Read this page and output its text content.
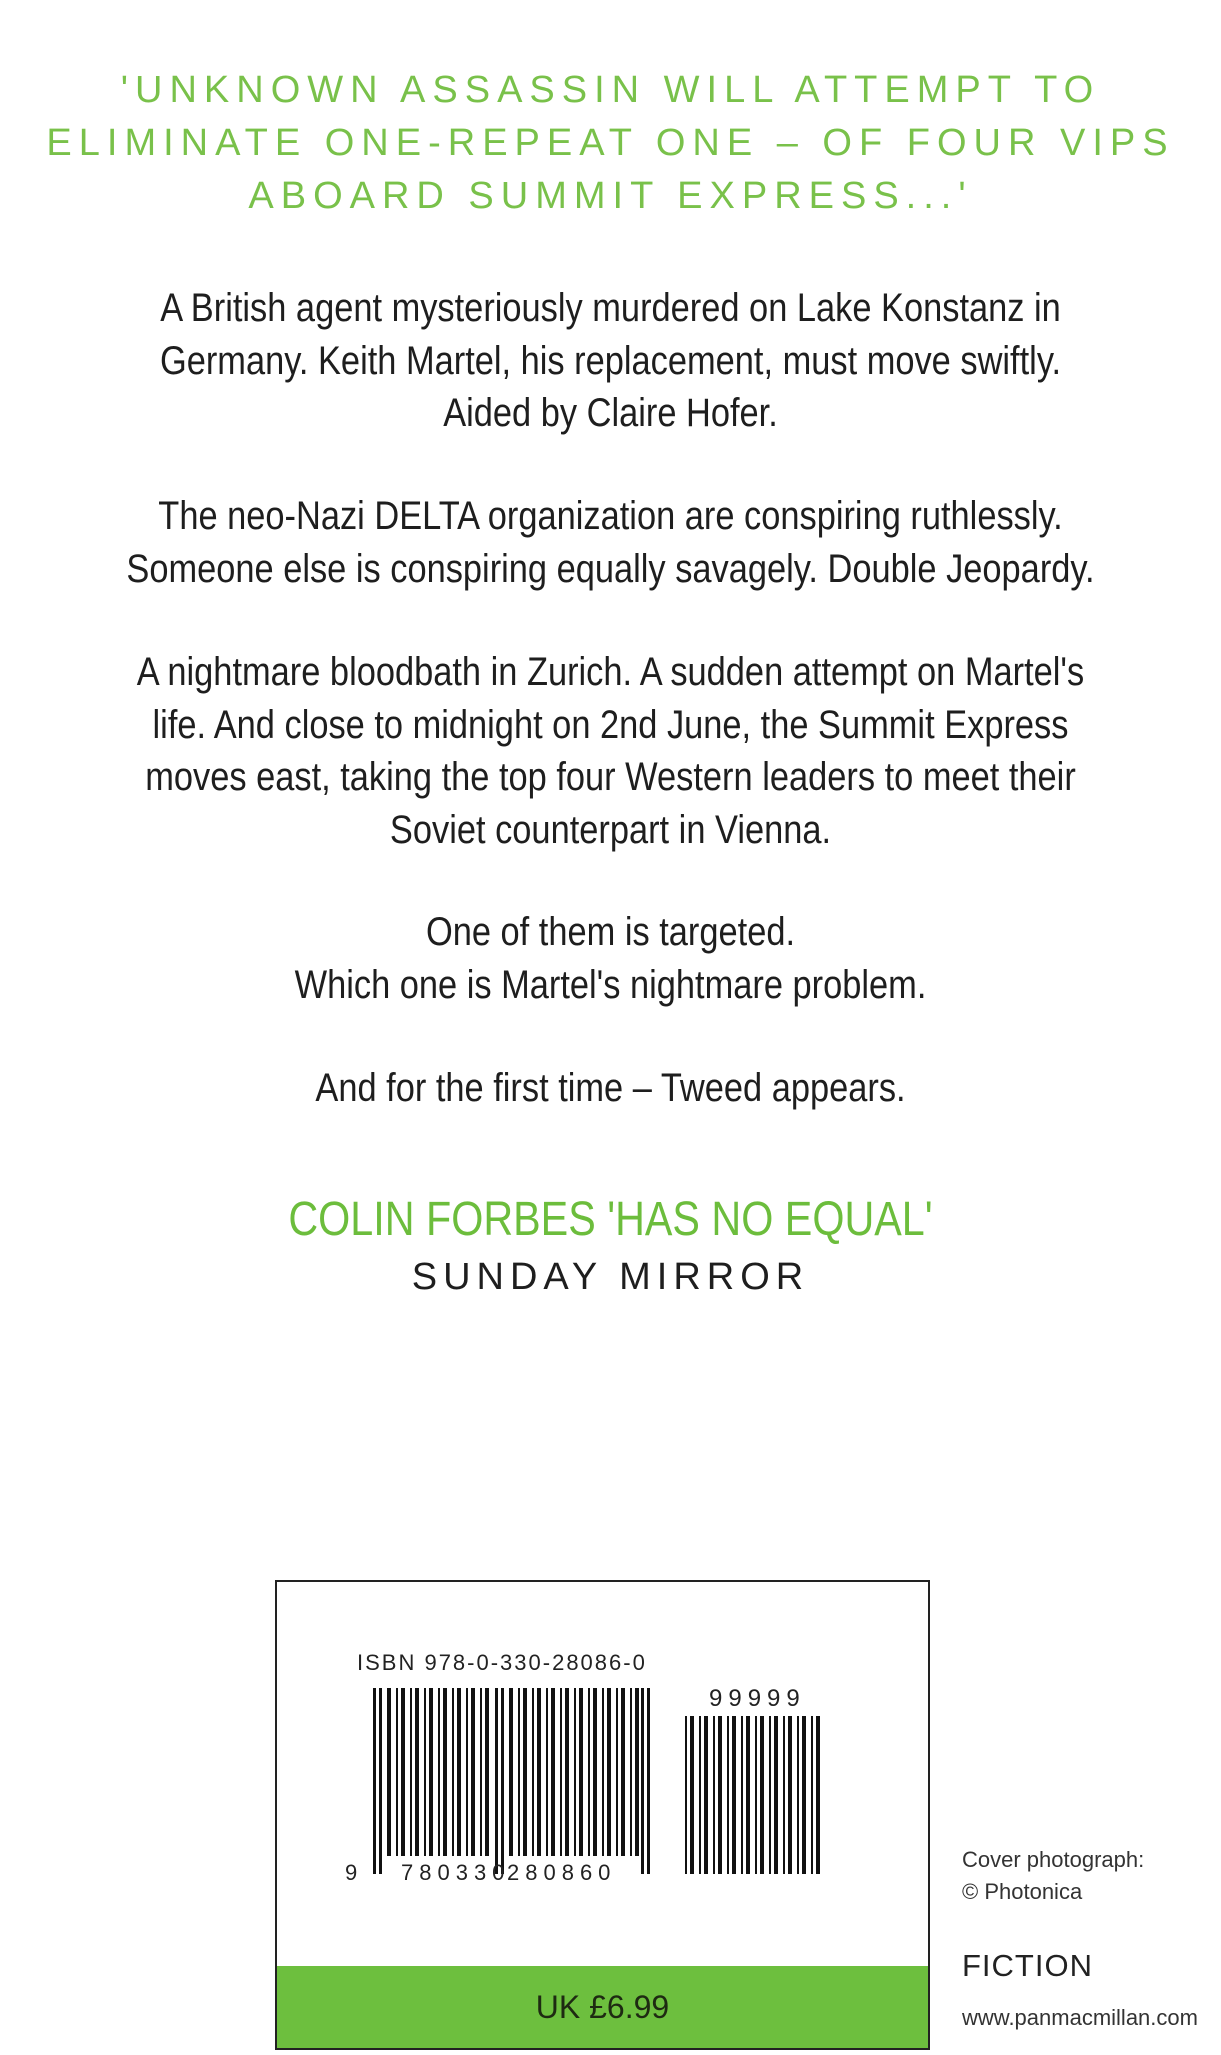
'UNKNOWN ASSASSIN WILL ATTEMPT TO
ELIMINATE ONE-REPEAT ONE – OF FOUR VIPS
ABOARD SUMMIT EXPRESS...'
A British agent mysteriously murdered on Lake Konstanz in
Germany. Keith Martel, his replacement, must move swiftly.
Aided by Claire Hofer.
The neo-Nazi DELTA organization are conspiring ruthlessly.
Someone else is conspiring equally savagely. Double Jeopardy.
A nightmare bloodbath in Zurich. A sudden attempt on Martel's
life. And close to midnight on 2nd June, the Summit Express
moves east, taking the top four Western leaders to meet their
Soviet counterpart in Vienna.
One of them is targeted.
Which one is Martel's nightmare problem.
And for the first time – Tweed appears.
COLIN FORBES 'HAS NO EQUAL'
SUNDAY MIRROR
ISBN 978-0-330-28086-0
9 780330
280860
99999
UK £6.99
Cover photograph:
© Photonica
FICTION
www.panmacmillan.com
